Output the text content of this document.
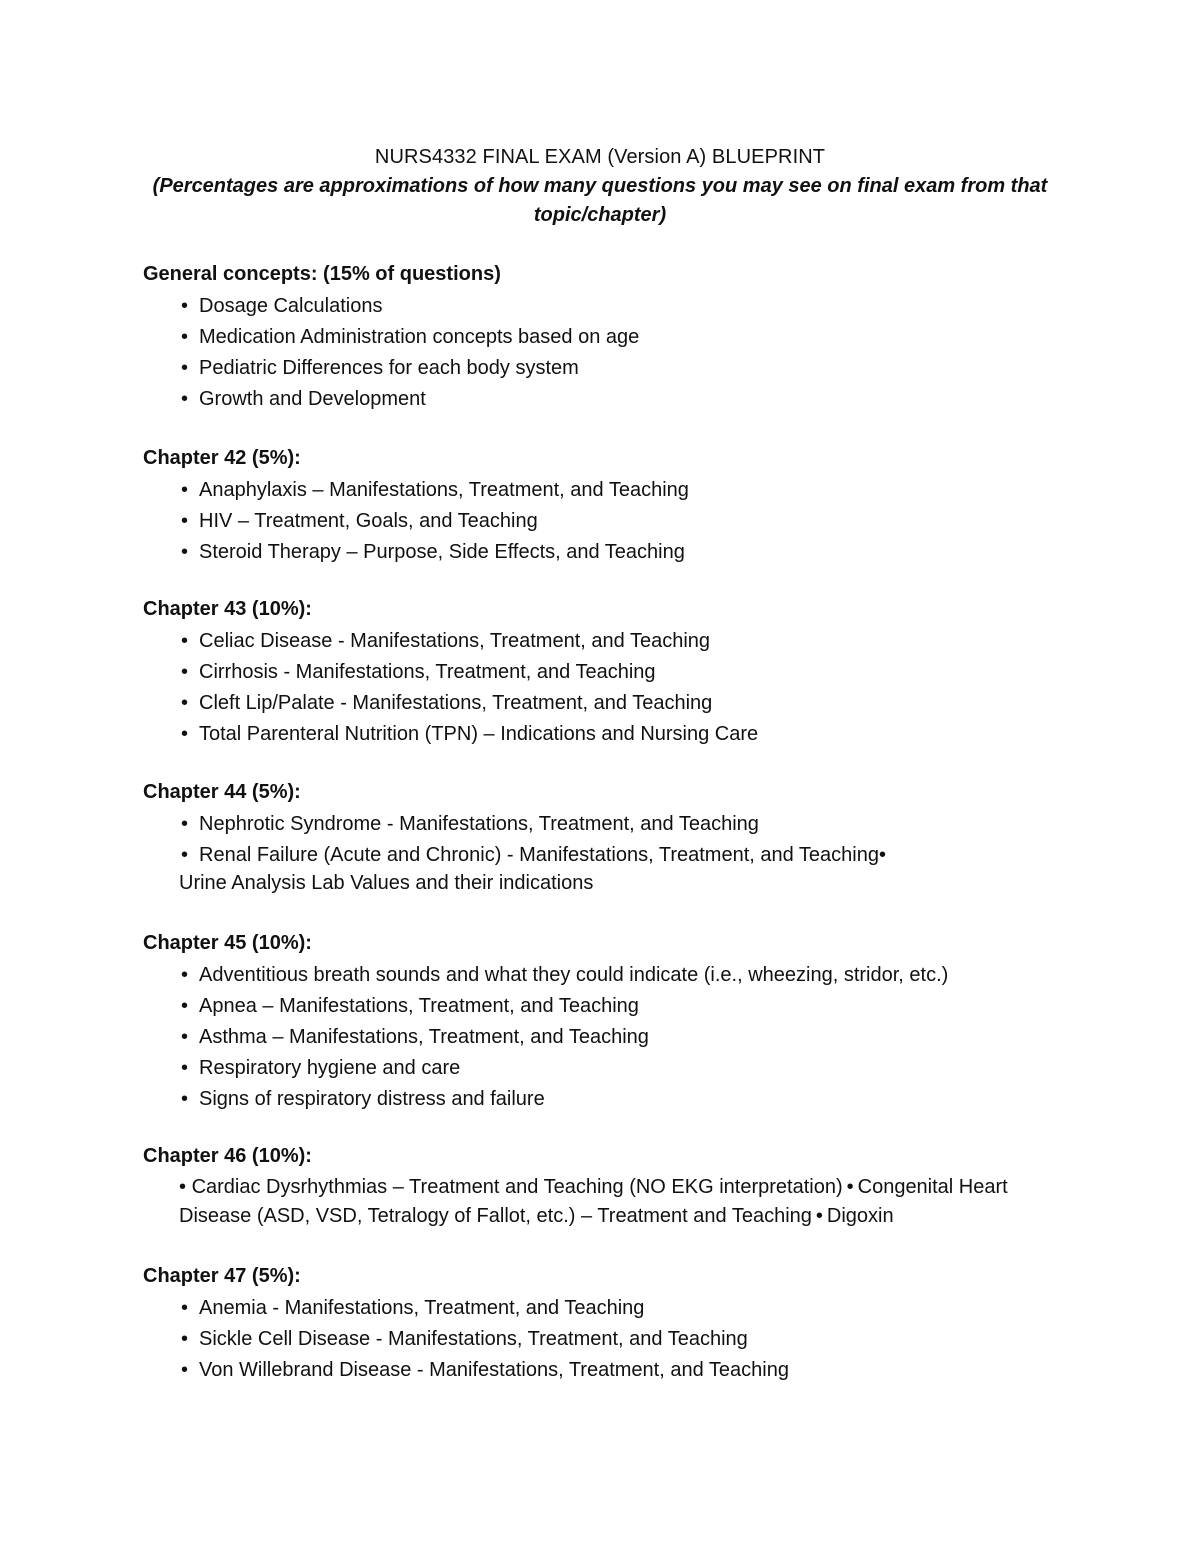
NURS4332 FINAL EXAM (Version A) BLUEPRINT
(Percentages are approximations of how many questions you may see on final exam from that topic/chapter)

General concepts: (15% of questions)

• Dosage Calculations
• Medication Administration concepts based on age
• Pediatric Differences for each body system
• Growth and Development

Chapter 42 (5%):

• Anaphylaxis – Manifestations, Treatment, and Teaching
• HIV – Treatment, Goals, and Teaching
• Steroid Therapy – Purpose, Side Effects, and Teaching

Chapter 43 (10%):

• Celiac Disease - Manifestations, Treatment, and Teaching
• Cirrhosis - Manifestations, Treatment, and Teaching
• Cleft Lip/Palate - Manifestations, Treatment, and Teaching
• Total Parenteral Nutrition (TPN) – Indications and Nursing Care

Chapter 44 (5%):

• Nephrotic Syndrome - Manifestations, Treatment, and Teaching
• Renal Failure (Acute and Chronic) - Manifestations, Treatment, and Teaching•

Urine Analysis Lab Values and their indications

Chapter 45 (10%):

• Adventitious breath sounds and what they could indicate (i.e., wheezing, stridor, etc.)
• Apnea – Manifestations, Treatment, and Teaching
• Asthma – Manifestations, Treatment, and Teaching
• Respiratory hygiene and care
• Signs of respiratory distress and failure

Chapter 46 (10%):

• Cardiac Dysrhythmias – Treatment and Teaching (NO EKG interpretation) • Congenital Heart Disease (ASD, VSD, Tetralogy of Fallot, etc.) – Treatment and Teaching • Digoxin

Chapter 47 (5%):

• Anemia - Manifestations, Treatment, and Teaching
• Sickle Cell Disease - Manifestations, Treatment, and Teaching
• Von Willebrand Disease - Manifestations, Treatment, and Teaching
